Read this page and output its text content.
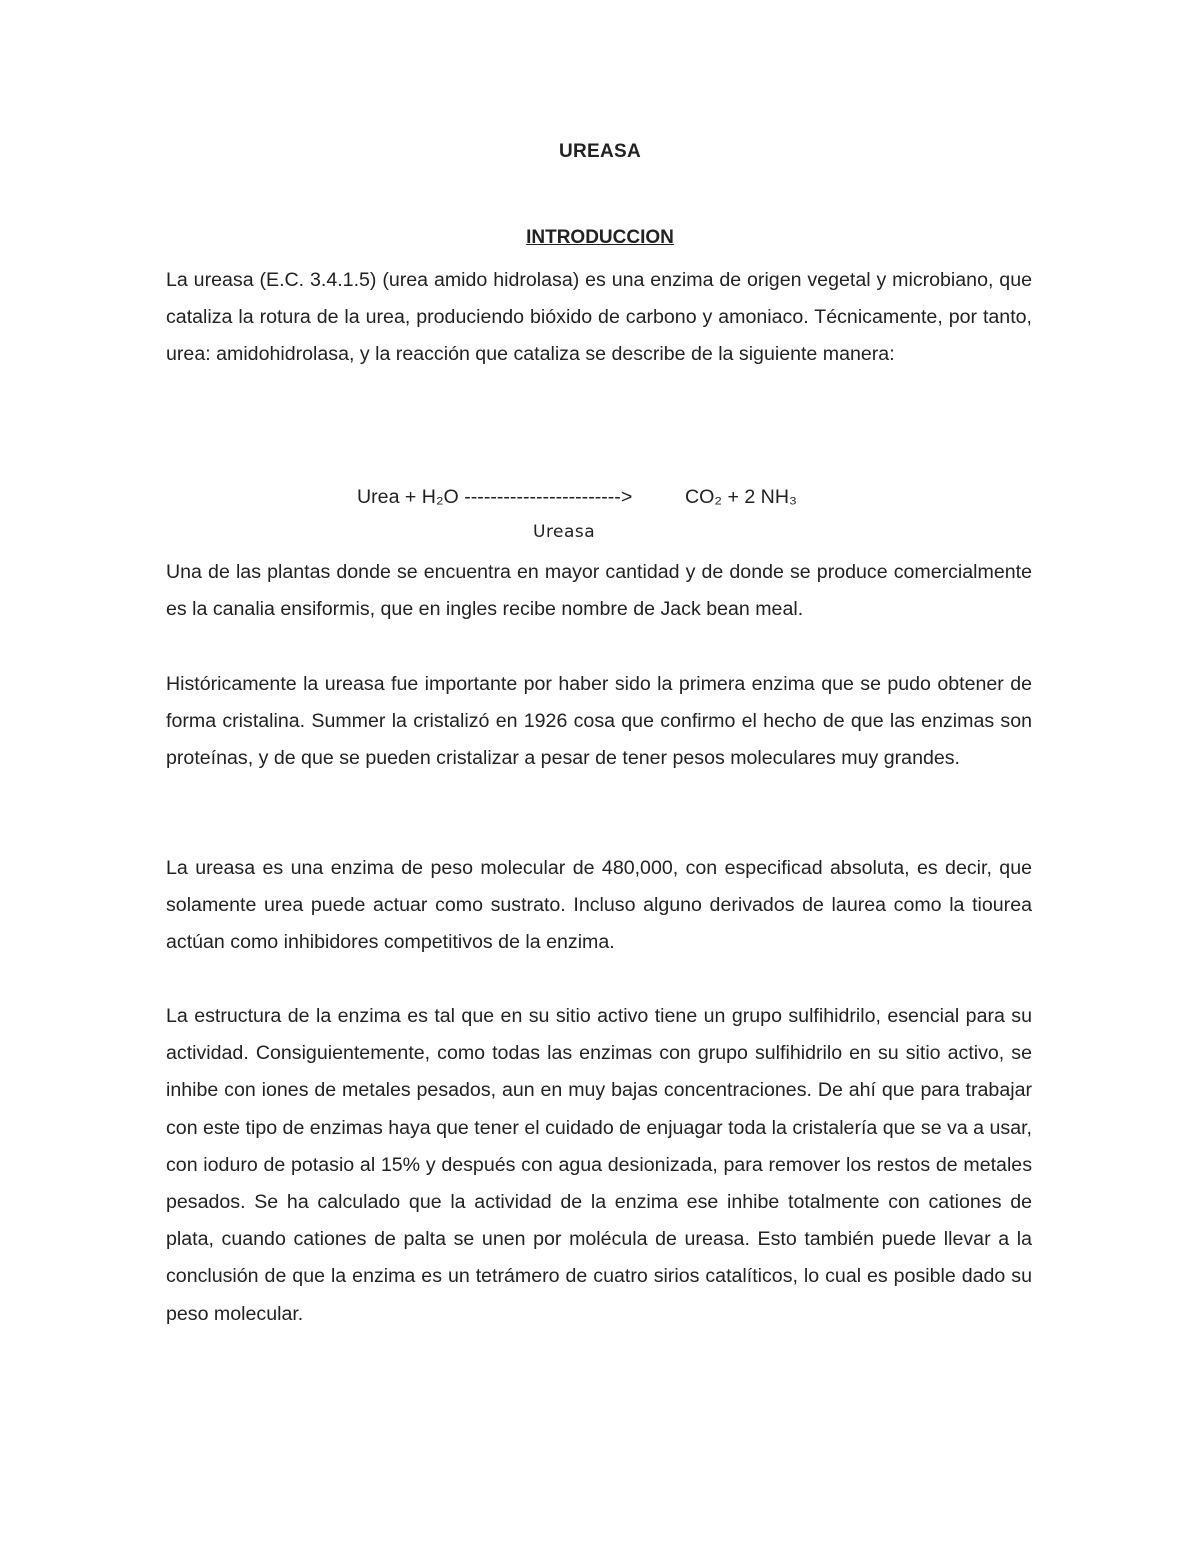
UREASA
INTRODUCCION

La ureasa (E.C. 3.4.1.5) (urea amido hidrolasa) es una enzima de origen vegetal y microbiano, que cataliza la rotura de la urea, produciendo bióxido de carbono y amoniaco. Técnicamente, por tanto, urea: amidohidrolasa, y la reacción que cataliza se describe de la siguiente manera:

Urea + H₂O ------------------------>	CO₂ + 2 NH₃
Ureasa

Una de las plantas donde se encuentra en mayor cantidad y de donde se produce comercialmente es la canalia ensiformis, que en ingles recibe nombre de Jack bean meal.

Históricamente la ureasa fue importante por haber sido la primera enzima que se pudo obtener de forma cristalina. Summer la cristalizó en 1926 cosa que confirmo el hecho de que las enzimas son proteínas, y de que se pueden cristalizar a pesar de tener pesos moleculares muy grandes.

La ureasa es una enzima de peso molecular de 480,000, con especificad absoluta, es decir, que solamente urea puede actuar como sustrato. Incluso alguno derivados de laurea como la tiourea actúan como inhibidores competitivos de la enzima.

La estructura de la enzima es tal que en su sitio activo tiene un grupo sulfihidrilo, esencial para su actividad. Consiguientemente, como todas las enzimas con grupo sulfihidrilo en su sitio activo, se inhibe con iones de metales pesados, aun en muy bajas concentraciones. De ahí que para trabajar con este tipo de enzimas haya que tener el cuidado de enjuagar toda la cristalería que se va a usar, con ioduro de potasio al 15% y después con agua desionizada, para remover los restos de metales pesados. Se ha calculado que la actividad de la enzima ese inhibe totalmente con cationes de plata, cuando cationes de palta se unen por molécula de ureasa. Esto también puede llevar a la conclusión de que la enzima es un tetrámero de cuatro sirios catalíticos, lo cual es posible dado su peso molecular.
